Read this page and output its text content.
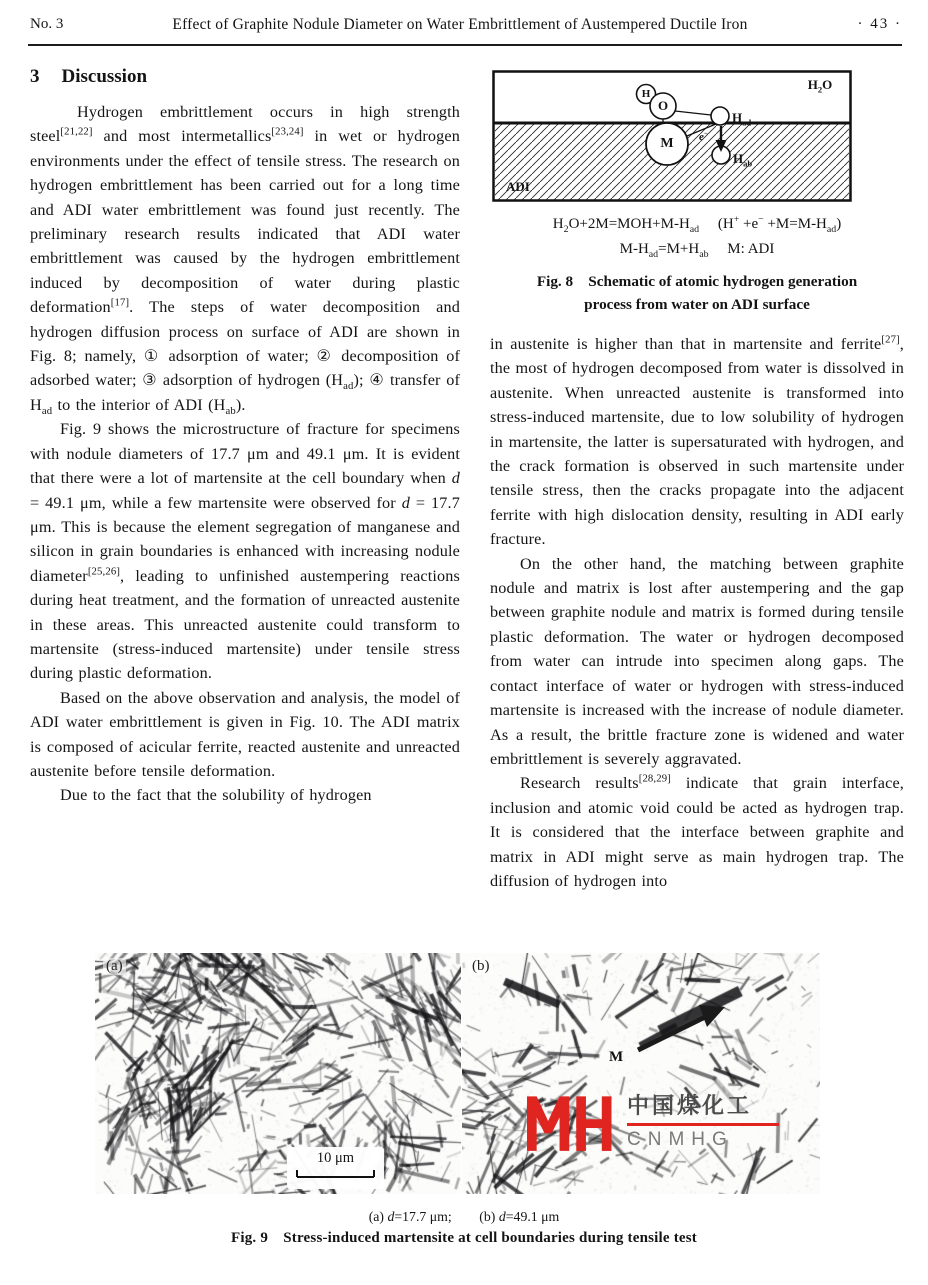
No. 3	Effect of Graphite Nodule Diameter on Water Embrittlement of Austempered Ductile Iron	· 43 ·
3 Discussion

Hydrogen embrittlement occurs in high strength steel[21,22] and most intermetallics[23,24] in wet or hydrogen environments under the effect of tensile stress. The research on hydrogen embrittlement has been carried out for a long time and ADI water embrittlement was found just recently. The preliminary research results indicated that ADI water embrittlement was caused by the hydrogen embrittlement induced by decomposition of water during plastic deformation[17]. The steps of water decomposition and hydrogen diffusion process on surface of ADI are shown in Fig. 8; namely, ① adsorption of water; ② decomposition of adsorbed water; ③ adsorption of hydrogen $(H_{ad})$; ④ transfer of $H_{ad}$ to the interior of ADI $(H_{ab})$.

Fig. 9 shows the microstructure of fracture for specimens with nodule diameters of 17.7 μm and 49.1 μm. It is evident that there were a lot of martensite at the cell boundary when d = 49.1 μm, while a few martensite were observed for d = 17.7 μm. This is because the element segregation of manganese and silicon in grain boundaries is enhanced with increasing nodule diameter[25,26], leading to unfinished austempering reactions during heat treatment, and the formation of unreacted austenite in these areas. This unreacted austenite could transform to martensite (stress-induced martensite) under tensile stress during plastic deformation.

Based on the above observation and analysis, the model of ADI water embrittlement is given in Fig. 10. The ADI matrix is composed of acicular ferrite, reacted austenite and unreacted austenite before tensile deformation.

Due to the fact that the solubility of hydrogen

$H_2O$
ADI
H
O
M
$H_{ad}$
$H_{ab}$
e−
$H_2O+2M=MOH+M-H_{ad}$　 $(H^+ +e^- +M=M-H_{ad})$
$M-H_{ad}=M+H_{ab}$　 M: ADI
Fig. 8　Schematic of atomic hydrogen generation
process from water on ADI surface

in austenite is higher than that in martensite and ferrite[27], the most of hydrogen decomposed from water is dissolved in austenite. When unreacted austenite is transformed into stress-induced martensite, due to low solubility of hydrogen in martensite, the latter is supersaturated with hydrogen, and the crack formation is observed in such martensite under tensile stress, then the cracks propagate into the adjacent ferrite with high dislocation density, resulting in ADI early fracture.

On the other hand, the matching between graphite nodule and matrix is lost after austempering and the gap between graphite nodule and matrix is formed during tensile plastic deformation. The water or hydrogen decomposed from water can intrude into specimen along gaps. The contact interface of water or hydrogen with stress-induced martensite is increased with the increase of nodule diameter. As a result, the brittle fracture zone is widened and water embrittlement is severely aggravated.

Research results[28,29] indicate that grain interface, inclusion and atomic void could be acted as hydrogen trap. It is considered that the interface between graphite and matrix in ADI might serve as main hydrogen trap. The diffusion of hydrogen into

(a)	(b)
M
10 μm
中国煤化工
CNMHG
(a) d=17.7 μm;　　(b) d=49.1 μm
Fig. 9　Stress-induced martensite at cell boundaries during tensile test
